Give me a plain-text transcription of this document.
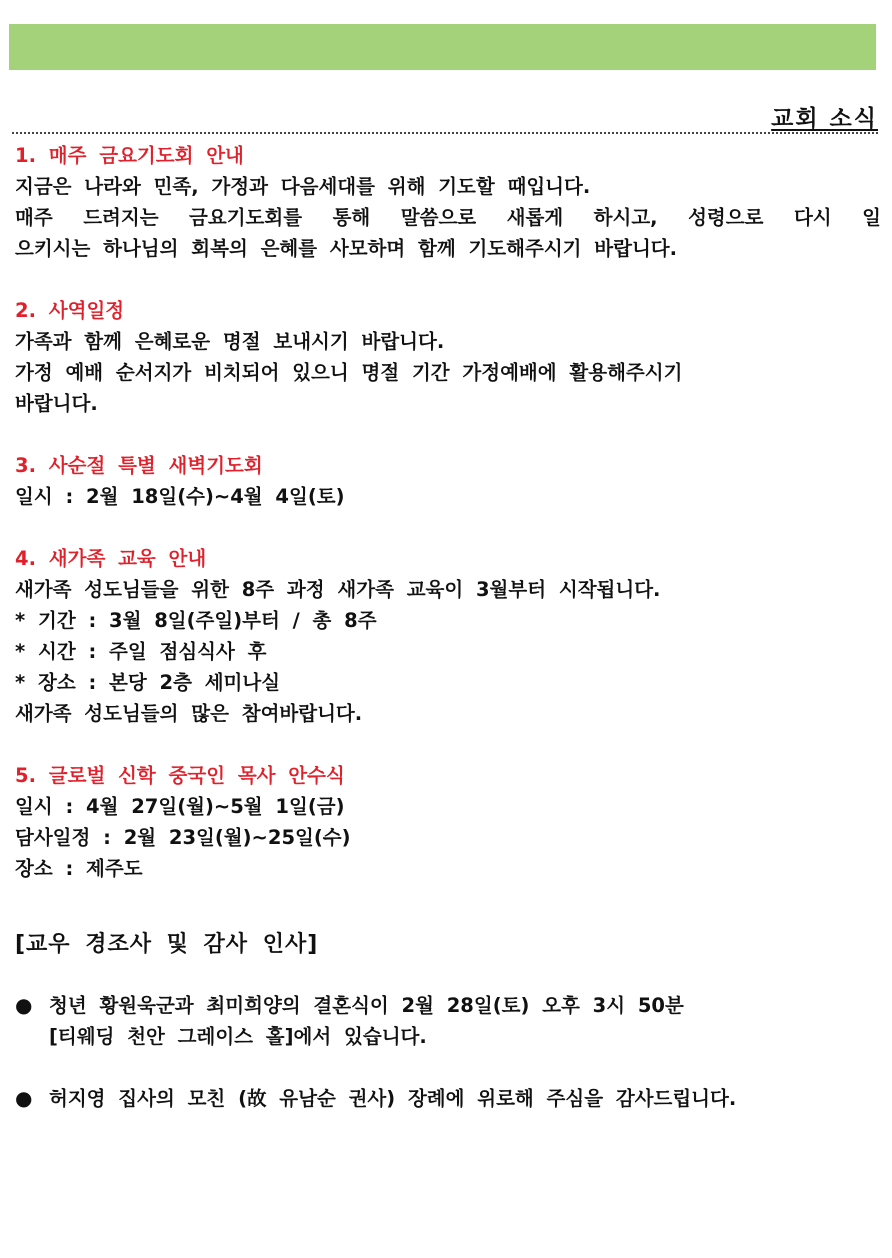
교회 소식
1. 매주 금요기도회 안내
지금은 나라와 민족, 가정과 다음세대를 위해 기도할 때입니다.
매주 드려지는 금요기도회를 통해 말씀으로 새롭게 하시고, 성령으로 다시 일
으키시는 하나님의 회복의 은혜를 사모하며 함께 기도해주시기 바랍니다.
2. 사역일정
가족과 함께 은혜로운 명절 보내시기 바랍니다.
가정 예배 순서지가 비치되어 있으니 명절 기간 가정예배에 활용해주시기
바랍니다.
3. 사순절 특별 새벽기도회
일시 : 2월 18일(수)~4월 4일(토)
4. 새가족 교육 안내
새가족 성도님들을 위한 8주 과정 새가족 교육이 3월부터 시작됩니다.
* 기간 : 3월 8일(주일)부터 / 총 8주
* 시간 : 주일 점심식사 후
* 장소 : 본당 2층 세미나실
새가족 성도님들의 많은 참여바랍니다.
5. 글로벌 신학 중국인 목사 안수식
일시 : 4월 27일(월)~5월 1일(금)
담사일정 : 2월 23일(월)~25일(수)
장소 : 제주도
[교우 경조사 및 감사 인사]
● 청년 황원욱군과 최미희양의 결혼식이 2월 28일(토) 오후 3시 50분
[티웨딩 천안 그레이스 홀]에서 있습니다.
● 허지영 집사의 모친 (故 유남순 권사) 장례에 위로해 주심을 감사드립니다.
